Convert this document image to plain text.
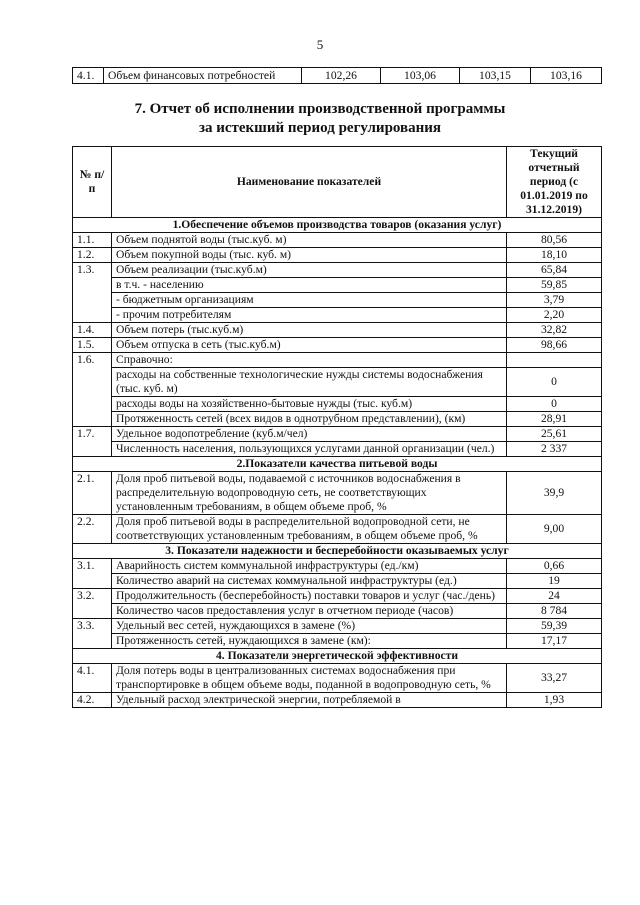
5
4.1.	Объем финансовых потребностей	102,26	103,06	103,15	103,16
7. Отчет об исполнении производственной программы
за истекший период регулирования
№ п/п	Наименование показателей	Текущий отчетный период (с 01.01.2019 по 31.12.2019)
1.Обеспечение объемов производства товаров (оказания услуг)		
1.1.	Объем поднятой воды (тыс.куб. м)	80,56
1.2.	Объем покупной воды (тыс. куб. м)	18,10
1.3.	Объем реализации (тыс.куб.м)	65,84
	в т.ч. - населению	59,85
	- бюджетным организациям	3,79
	- прочим потребителям	2,20
1.4.	Объем потерь (тыс.куб.м)	32,82
1.5.	Объем отпуска в сеть (тыс.куб.м)	98,66
1.6.	Справочно:	
	расходы на собственные технологические нужды системы водоснабжения (тыс. куб. м)	0
	расходы воды на хозяйственно-бытовые нужды (тыс. куб.м)	0
	Протяженность сетей (всех видов в однотрубном представлении), (км)	28,91
1.7.	Удельное водопотребление (куб.м/чел)	25,61
	Численность населения, пользующихся услугами данной организации (чел.)	2 337
2.Показатели качества питьевой воды		
2.1.	Доля проб питьевой воды, подаваемой с источников водоснабжения в распределительную водопроводную сеть, не соответствующих установленным требованиям, в общем объеме проб, %	39,9
2.2.	Доля проб питьевой воды в распределительной водопроводной сети, не соответствующих установленным требованиям, в общем объеме проб, %	9,00
3. Показатели надежности и бесперебойности оказываемых услуг		
3.1.	Аварийность систем коммунальной инфраструктуры (ед./км)	0,66
	Количество аварий на системах коммунальной инфраструктуры (ед.)	19
3.2.	Продолжительность (бесперебойность) поставки товаров и услуг (час./день)	24
	Количество часов предоставления услуг в отчетном периоде (часов)	8 784
3.3.	Удельный вес сетей, нуждающихся в замене (%)	59,39
	Протяженность сетей, нуждающихся в замене (км):	17,17
4. Показатели энергетической эффективности		
4.1.	Доля потерь воды в централизованных системах водоснабжения при транспортировке в общем объеме воды, поданной в водопроводную сеть, %	33,27
4.2.	Удельный расход электрической энергии, потребляемой в	1,93
